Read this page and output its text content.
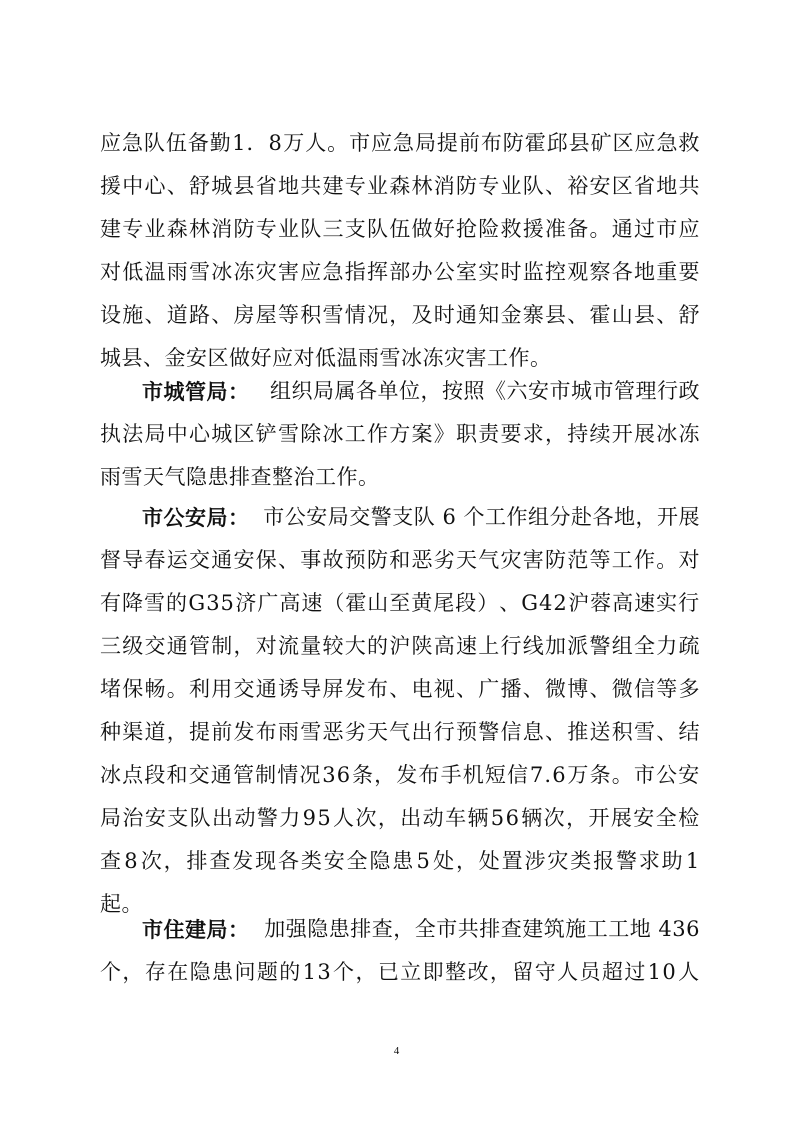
应 急 队 伍 备 勤 1 ． 8 万 人 。 市 应 急 局 提 前 布 防 霍 邱 县 矿 区 应 急 救
援 中 心 、 舒 城 县 省 地 共 建 专 业 森 林 消 防 专 业 队 、 裕 安 区 省 地 共
建 专 业 森 林 消 防 专 业 队 三 支 队 伍 做 好 抢 险 救 援 准 备 。 通 过 市 应
对 低 温 雨 雪 冰 冻 灾 害 应 急 指 挥 部 办 公 室 实 时 监 控 观 察 各 地 重 要
设 施 、 道 路 、 房 屋 等 积 雪 情 况 ， 及 时 通 知 金 寨 县 、 霍 山 县 、 舒
城县、金安区做好应对低温雨雪冰冻灾害工作。
市城管局： 组织局属各单位，按照《六安市城市管理行政
执 法 局 中 心 城 区 铲 雪 除 冰 工 作 方 案 》 职 责 要 求 ， 持 续 开 展 冰 冻
雨雪天气隐患排查整治工作。
市公安局： 市公安局交警支队 6 个工作组分赴各地，开展
督 导 春 运 交 通 安 保 、 事 故 预 防 和 恶 劣 天 气 灾 害 防 范 等 工 作 。 对
有 降 雪 的 G 3 5 济 广 高 速 （ 霍 山 至 黄 尾 段 ） 、 G 4 2 沪 蓉 高 速 实 行
三 级 交 通 管 制 ， 对 流 量 较 大 的 沪 陕 高 速 上 行 线 加 派 警 组 全 力 疏
堵 保 畅 。 利 用 交 通 诱 导 屏 发 布 、 电 视 、 广 播 、 微 博 、 微 信 等 多
种 渠 道 ， 提 前 发 布 雨 雪 恶 劣 天 气 出 行 预 警 信 息 、 推 送 积 雪 、 结
冰 点 段 和 交 通 管 制 情 况 3 6 条 ， 发 布 手 机 短 信 7 . 6 万 条 。 市 公 安
局 治 安 支 队 出 动 警 力 9 5 人 次 ， 出 动 车 辆 5 6 辆 次 ， 开 展 安 全 检
查 8 次 ， 排 查 发 现 各 类 安 全 隐 患 5 处 ， 处 置 涉 灾 类 报 警 求 助 1
起。
市住建局： 加强隐患排查，全市共排查建筑施工工地 436
个 ， 存 在 隐 患 问 题 的 1 3 个 ， 已 立 即 整 改 ， 留 守 人 员 超 过 1 0 人
4
